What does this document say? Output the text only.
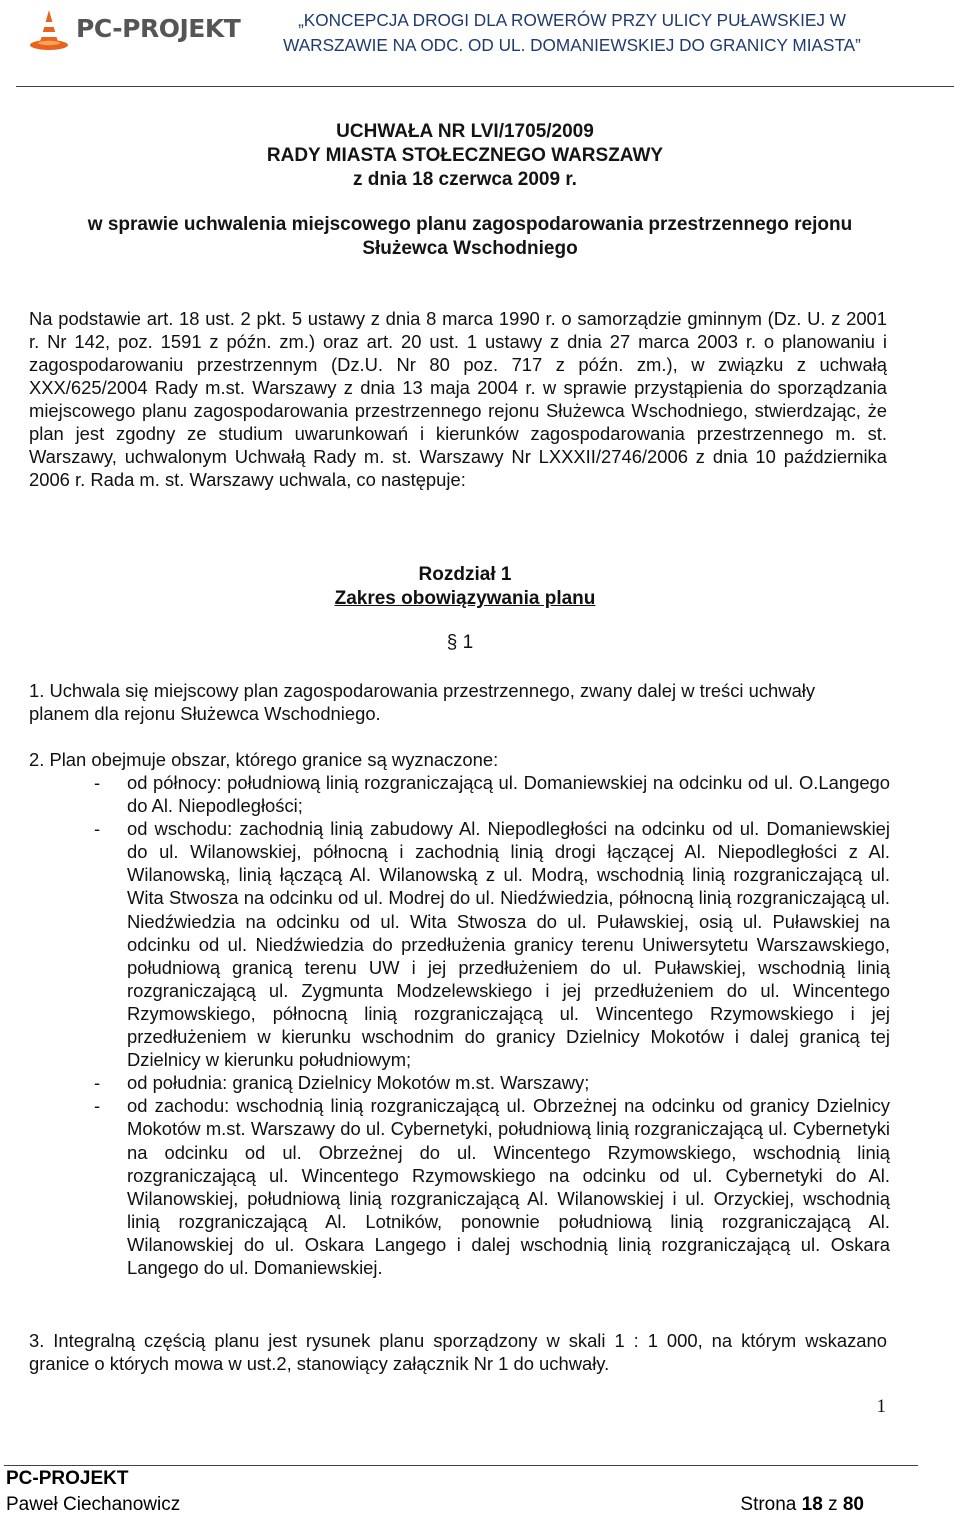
PC-PROJEKT	„KONCEPCJA DROGI DLA ROWERÓW PRZY ULICY PUŁAWSKIEJ W WARSZAWIE NA ODC. OD UL. DOMANIEWSKIEJ DO GRANICY MIASTA”
UCHWAŁA NR LVI/1705/2009
RADY MIASTA STOŁECZNEGO WARSZAWY
z dnia 18 czerwca 2009 r.
w sprawie uchwalenia miejscowego planu zagospodarowania przestrzennego rejonu Służewca Wschodniego
Na podstawie art. 18 ust. 2 pkt. 5 ustawy z dnia 8 marca 1990 r. o samorządzie gminnym (Dz. U. z 2001 r. Nr 142, poz. 1591 z późn. zm.) oraz art. 20 ust. 1 ustawy z dnia 27 marca 2003 r. o planowaniu i zagospodarowaniu przestrzennym (Dz.U. Nr 80 poz. 717 z późn. zm.), w związku z uchwałą XXX/625/2004 Rady m.st. Warszawy z dnia 13 maja 2004 r. w sprawie przystąpienia do sporządzania miejscowego planu zagospodarowania przestrzennego rejonu Służewca Wschodniego, stwierdzając, że plan jest zgodny ze studium uwarunkowań i kierunków zagospodarowania przestrzennego m. st. Warszawy, uchwalonym Uchwałą Rady m. st. Warszawy Nr LXXXII/2746/2006 z dnia 10 października 2006 r. Rada m. st. Warszawy uchwala, co następuje:
Rozdział 1
Zakres obowiązywania planu
§ 1
1. Uchwala się miejscowy plan zagospodarowania przestrzennego, zwany dalej w treści uchwały planem dla rejonu Służewca Wschodniego.
2. Plan obejmuje obszar, którego granice są wyznaczone:
- od północy: południową linią rozgraniczającą ul. Domaniewskiej na odcinku od ul. O.Langego do Al. Niepodległości;
- od wschodu: zachodnią linią zabudowy Al. Niepodległości na odcinku od ul. Domaniewskiej do ul. Wilanowskiej, północną i zachodnią linią drogi łączącej Al. Niepodległości z Al. Wilanowską, linią łączącą Al. Wilanowską z ul. Modrą, wschodnią linią rozgraniczającą ul. Wita Stwosza na odcinku od ul. Modrej do ul. Niedźwiedzia, północną linią rozgraniczającą ul. Niedźwiedzia na odcinku od ul. Wita Stwosza do ul. Puławskiej, osią ul. Puławskiej na odcinku od ul. Niedźwiedzia do przedłużenia granicy terenu Uniwersytetu Warszawskiego, południową granicą terenu UW i jej przedłużeniem do ul. Puławskiej, wschodnią linią rozgraniczającą ul. Zygmunta Modzelewskiego i jej przedłużeniem do ul. Wincentego Rzymowskiego, północną linią rozgraniczającą ul. Wincentego Rzymowskiego i jej przedłużeniem w kierunku wschodnim do granicy Dzielnicy Mokotów i dalej granicą tej Dzielnicy w kierunku południowym;
- od południa: granicą Dzielnicy Mokotów m.st. Warszawy;
- od zachodu: wschodnią linią rozgraniczającą ul. Obrzeżnej na odcinku od granicy Dzielnicy Mokotów m.st. Warszawy do ul. Cybernetyki, południową linią rozgraniczającą ul. Cybernetyki na odcinku od ul. Obrzeżnej do ul. Wincentego Rzymowskiego, wschodnią linią rozgraniczającą ul. Wincentego Rzymowskiego na odcinku od ul. Cybernetyki do Al. Wilanowskiej, południową linią rozgraniczającą Al. Wilanowskiej i ul. Orzyckiej, wschodnią linią rozgraniczającą Al. Lotników, ponownie południową linią rozgraniczającą Al. Wilanowskiej do ul. Oskara Langego i dalej wschodnią linią rozgraniczającą ul. Oskara Langego do ul. Domaniewskiej.
3. Integralną częścią planu jest rysunek planu sporządzony w skali 1 : 1 000, na którym wskazano granice o których mowa w ust.2, stanowiący załącznik Nr 1 do uchwały.
1
PC-PROJEKT
Paweł Ciechanowicz	Strona 18 z 80
